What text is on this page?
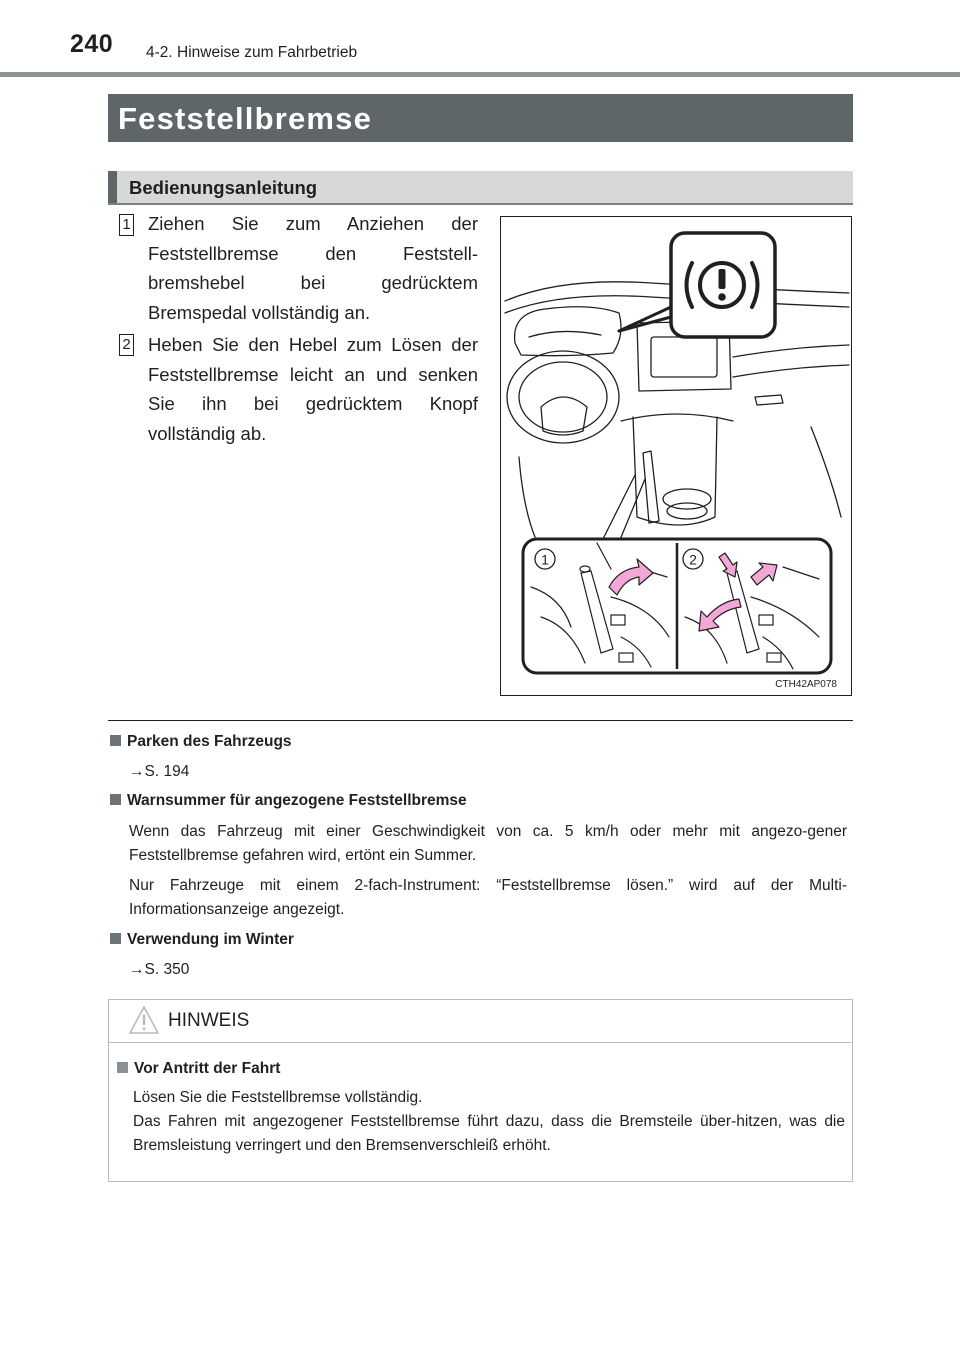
240 4-2. Hinweise zum Fahrbetrieb
Feststellbremse
Bedienungsanleitung
1 Ziehen Sie zum Anziehen der Feststellbremse den Feststell-bremshebel bei gedrücktem Bremspedal vollständig an.
2 Heben Sie den Hebel zum Lösen der Feststellbremse leicht an und senken Sie ihn bei gedrücktem Knopf vollständig ab.
1	2
CTH42AP078
Parken des Fahrzeugs
→S. 194
Warnsummer für angezogene Feststellbremse
Wenn das Fahrzeug mit einer Geschwindigkeit von ca. 5 km/h oder mehr mit angezo-gener Feststellbremse gefahren wird, ertönt ein Summer.
Nur Fahrzeuge mit einem 2-fach-Instrument: “Feststellbremse lösen.” wird auf der Multi-Informationsanzeige angezeigt.
Verwendung im Winter
→S. 350
HINWEIS
Vor Antritt der Fahrt
Lösen Sie die Feststellbremse vollständig.
Das Fahren mit angezogener Feststellbremse führt dazu, dass die Bremsteile über-hitzen, was die Bremsleistung verringert und den Bremsenverschleiß erhöht.
